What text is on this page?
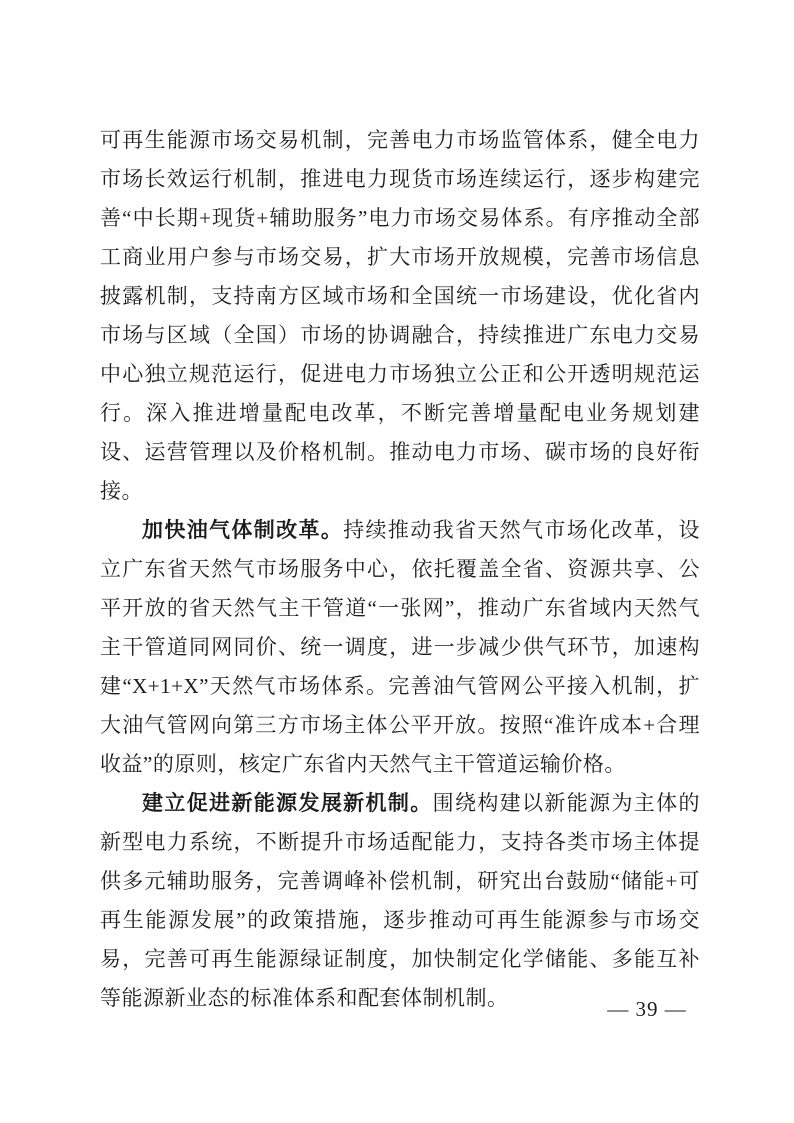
可再生能源市场交易机制，完善电力市场监管体系，健全电力市场长效运行机制，推进电力现货市场连续运行，逐步构建完善“中长期+现货+辅助服务”电力市场交易体系。有序推动全部工商业用户参与市场交易，扩大市场开放规模，完善市场信息披露机制，支持南方区域市场和全国统一市场建设，优化省内市场与区域（全国）市场的协调融合，持续推进广东电力交易中心独立规范运行，促进电力市场独立公正和公开透明规范运行。深入推进增量配电改革，不断完善增量配电业务规划建设、运营管理以及价格机制。推动电力市场、碳市场的良好衔接。

加快油气体制改革。持续推动我省天然气市场化改革，设立广东省天然气市场服务中心，依托覆盖全省、资源共享、公平开放的省天然气主干管道“一张网”，推动广东省域内天然气主干管道同网同价、统一调度，进一步减少供气环节，加速构建“X+1+X”天然气市场体系。完善油气管网公平接入机制，扩大油气管网向第三方市场主体公平开放。按照“准许成本+合理收益”的原则，核定广东省内天然气主干管道运输价格。

建立促进新能源发展新机制。围绕构建以新能源为主体的新型电力系统，不断提升市场适配能力，支持各类市场主体提供多元辅助服务，完善调峰补偿机制，研究出台鼓励“储能+可再生能源发展”的政策措施，逐步推动可再生能源参与市场交易，完善可再生能源绿证制度，加快制定化学储能、多能互补等能源新业态的标准体系和配套体制机制。	— 39 —
